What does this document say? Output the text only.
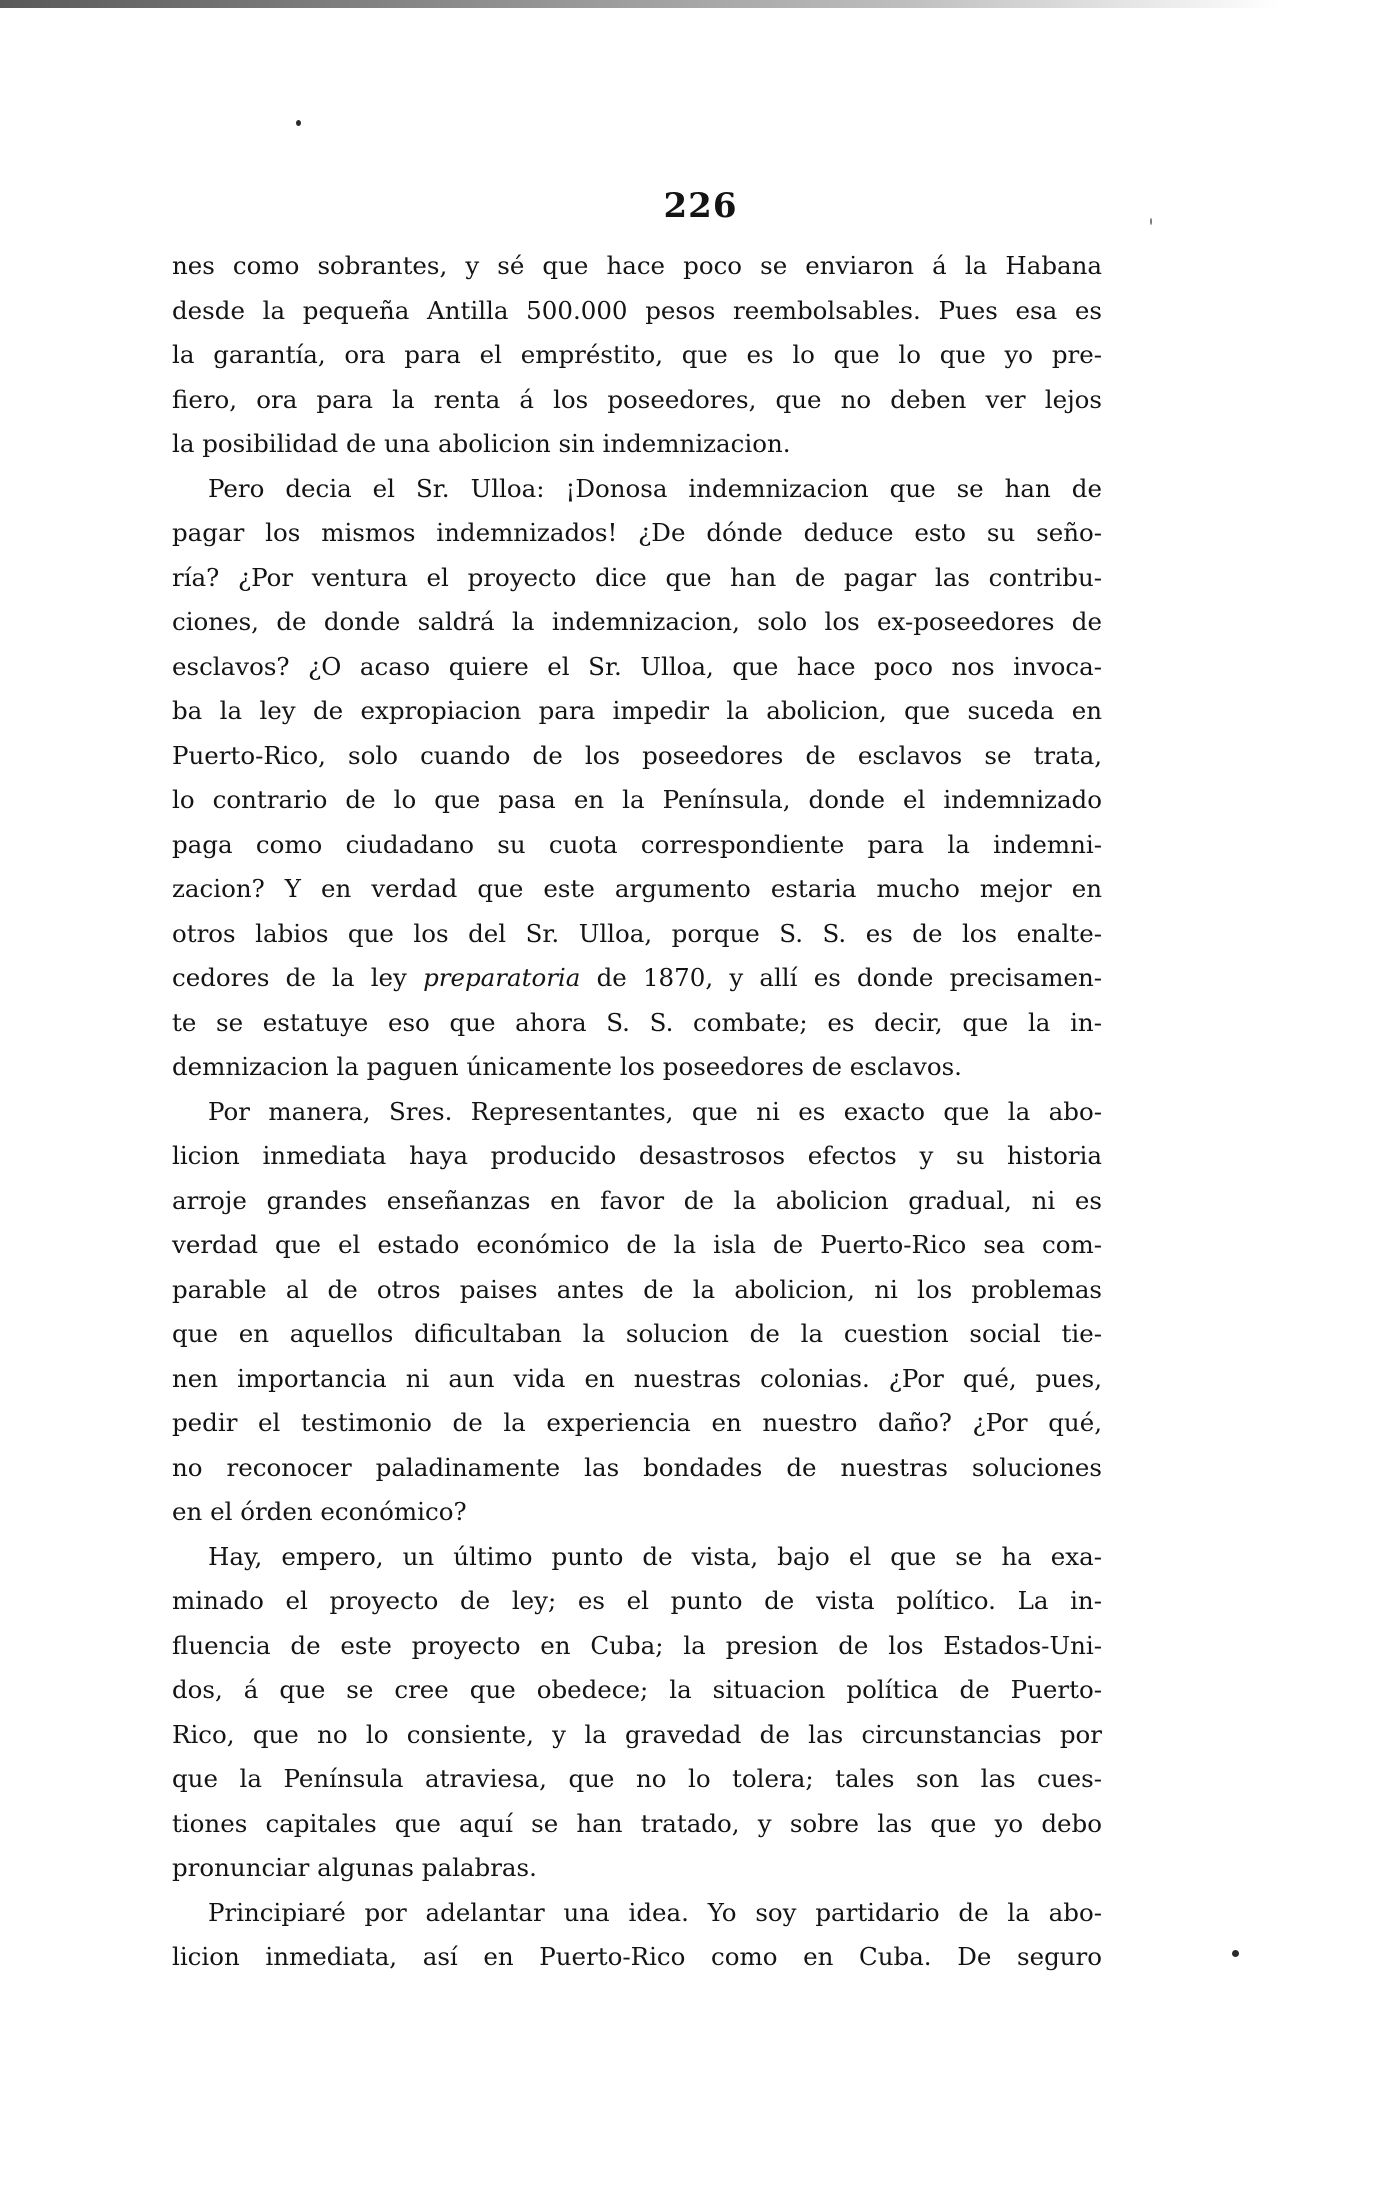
226
nes como sobrantes, y sé que hace poco se enviaron á la Habana
desde la pequeña Antilla 500.000 pesos reembolsables. Pues esa es
la garantía, ora para el empréstito, que es lo que lo que yo pre-
fiero, ora para la renta á los poseedores, que no deben ver lejos
la posibilidad de una abolicion sin indemnizacion.
Pero decia el Sr. Ulloa: ¡Donosa indemnizacion que se han de
pagar los mismos indemnizados! ¿De dónde deduce esto su seño-
ría? ¿Por ventura el proyecto dice que han de pagar las contribu-
ciones, de donde saldrá la indemnizacion, solo los ex-poseedores de
esclavos? ¿O acaso quiere el Sr. Ulloa, que hace poco nos invoca-
ba la ley de expropiacion para impedir la abolicion, que suceda en
Puerto-Rico, solo cuando de los poseedores de esclavos se trata,
lo contrario de lo que pasa en la Península, donde el indemnizado
paga como ciudadano su cuota correspondiente para la indemni-
zacion? Y en verdad que este argumento estaria mucho mejor en
otros labios que los del Sr. Ulloa, porque S. S. es de los enalte-
cedores de la ley preparatoria de 1870, y allí es donde precisamen-
te se estatuye eso que ahora S. S. combate; es decir, que la in-
demnizacion la paguen únicamente los poseedores de esclavos.
Por manera, Sres. Representantes, que ni es exacto que la abo-
licion inmediata haya producido desastrosos efectos y su historia
arroje grandes enseñanzas en favor de la abolicion gradual, ni es
verdad que el estado económico de la isla de Puerto-Rico sea com-
parable al de otros paises antes de la abolicion, ni los problemas
que en aquellos dificultaban la solucion de la cuestion social tie-
nen importancia ni aun vida en nuestras colonias. ¿Por qué, pues,
pedir el testimonio de la experiencia en nuestro daño? ¿Por qué,
no reconocer paladinamente las bondades de nuestras soluciones
en el órden económico?
Hay, empero, un último punto de vista, bajo el que se ha exa-
minado el proyecto de ley; es el punto de vista político. La in-
fluencia de este proyecto en Cuba; la presion de los Estados-Uni-
dos, á que se cree que obedece; la situacion política de Puerto-
Rico, que no lo consiente, y la gravedad de las circunstancias por
que la Península atraviesa, que no lo tolera; tales son las cues-
tiones capitales que aquí se han tratado, y sobre las que yo debo
pronunciar algunas palabras.
Principiaré por adelantar una idea. Yo soy partidario de la abo-
licion inmediata, así en Puerto-Rico como en Cuba. De seguro
